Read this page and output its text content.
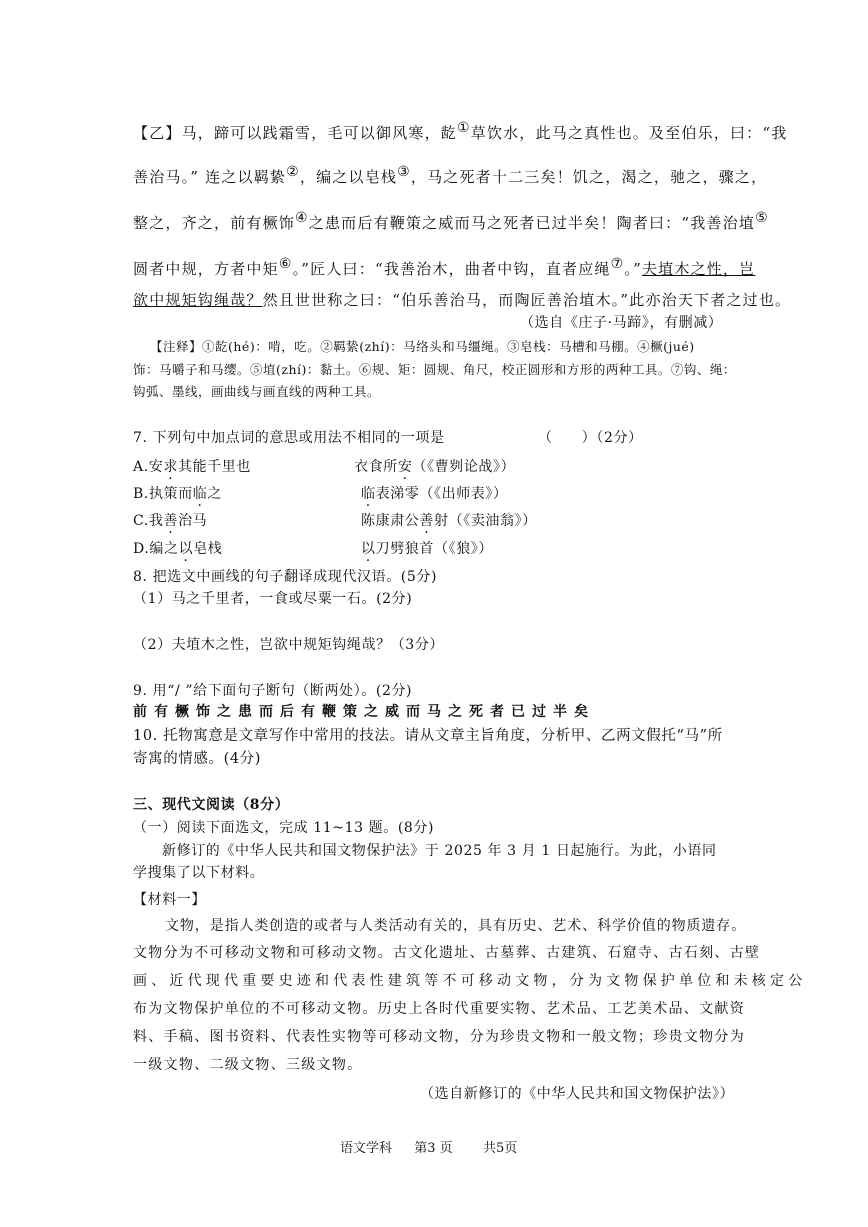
【乙】马，蹄可以践霜雪，毛可以御风寒，龁①草饮水，此马之真性也。及至伯乐，曰：“我
善治马。” 连之以羁絷②，编之以皂栈③，马之死者十二三矣！饥之，渴之，驰之，骤之，
整之，齐之，前有橛饰④之患而后有鞭策之威而马之死者已过半矣！陶者曰：“我善治埴⑤
圆者中规，方者中矩⑥。”匠人曰：“我善治木，曲者中钩，直者应绳⑦。”夫埴木之性，岂
欲中规矩钩绳哉？然且世世称之曰：“伯乐善治马，而陶匠善治埴木。”此亦治天下者之过也。
（选自《庄子·马蹄》，有删减）
【注释】①龁(hé)：啃，吃。②羁絷(zhí)：马络头和马缰绳。③皂栈：马槽和马棚。④橛(jué)
饰：马嚼子和马缨。⑤埴(zhí)：黏土。⑥规、矩：圆规、角尺，校正圆形和方形的两种工具。⑦钩、绳：
钩弧、墨线，画曲线与画直线的两种工具。
7. 下列句中加点词的意思或用法不相同的一项是	（　　）（2分）
A.安求其能千里也	衣食所安（《曹刿论战》）
B.执策而临之	临表涕零（《出师表》）
C.我善治马	陈康肃公善射（《卖油翁》）
D.编之以皂栈	以刀劈狼首（《狼》）
8. 把选文中画线的句子翻译成现代汉语。(5分)
（1）马之千里者，一食或尽粟一石。(2分)
（2）夫埴木之性，岂欲中规矩钩绳哉？（3分）
9. 用“/ ”给下面句子断句（断两处）。(2分)
前有橛饰之患而后有鞭策之威而马之死者已过半矣
10. 托物寓意是文章写作中常用的技法。请从文章主旨角度，分析甲、乙两文假托“马”所
寄寓的情感。(4分)
三、现代文阅读（8分）
（一）阅读下面选文，完成 11~13 题。(8分)
新修订的《中华人民共和国文物保护法》于 2025 年 3 月 1 日起施行。为此，小语同
学搜集了以下材料。
【材料一】
文物，是指人类创造的或者与人类活动有关的，具有历史、艺术、科学价值的物质遗存。
文物分为不可移动文物和可移动文物。古文化遗址、古墓葬、古建筑、石窟寺、古石刻、古壁
画、近代现代重要史迹和代表性建筑等不可移动文物，分为文物保护单位和未核定公
布为文物保护单位的不可移动文物。历史上各时代重要实物、艺术品、工艺美术品、文献资
料、手稿、图书资料、代表性实物等可移动文物，分为珍贵文物和一般文物；珍贵文物分为
一级文物、二级文物、三级文物。
（选自新修订的《中华人民共和国文物保护法》）
语文学科 第3 页 共5页
